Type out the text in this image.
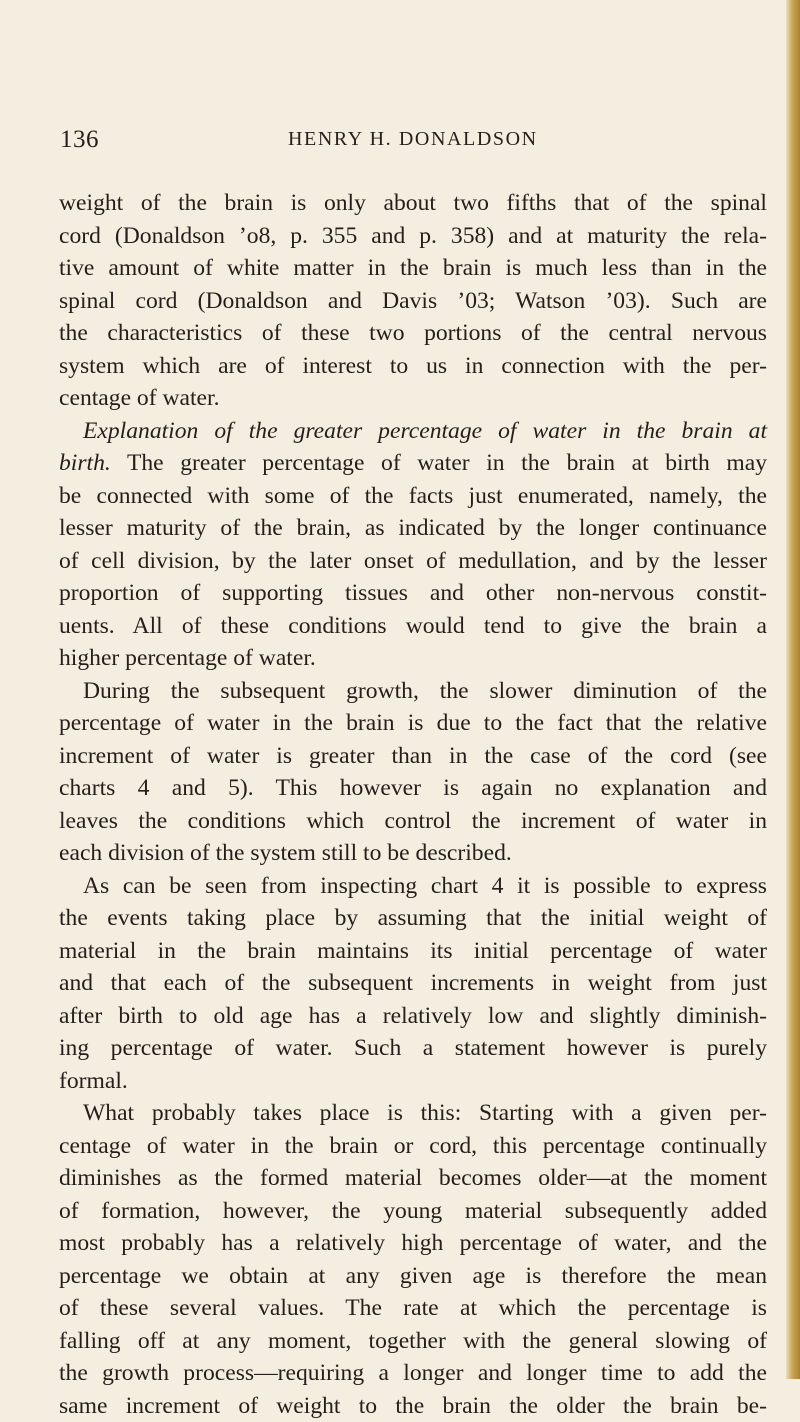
136	HENRY H. DONALDSON
weight of the brain is only about two fifths that of the spinal
cord (Donaldson ’o8, p. 355 and p. 358) and at maturity the rela-
tive amount of white matter in the brain is much less than in the
spinal cord (Donaldson and Davis ’03; Watson ’03). Such are
the characteristics of these two portions of the central nervous
system which are of interest to us in connection with the per-
centage of water.
Explanation of the greater percentage of water in the brain at
birth. The greater percentage of water in the brain at birth may
be connected with some of the facts just enumerated, namely, the
lesser maturity of the brain, as indicated by the longer continuance
of cell division, by the later onset of medullation, and by the lesser
proportion of supporting tissues and other non-nervous constit-
uents. All of these conditions would tend to give the brain a
higher percentage of water.
During the subsequent growth, the slower diminution of the
percentage of water in the brain is due to the fact that the relative
increment of water is greater than in the case of the cord (see
charts 4 and 5). This however is again no explanation and
leaves the conditions which control the increment of water in
each division of the system still to be described.
As can be seen from inspecting chart 4 it is possible to express
the events taking place by assuming that the initial weight of
material in the brain maintains its initial percentage of water
and that each of the subsequent increments in weight from just
after birth to old age has a relatively low and slightly diminish-
ing percentage of water. Such a statement however is purely
formal.
What probably takes place is this: Starting with a given per-
centage of water in the brain or cord, this percentage continually
diminishes as the formed material becomes older—at the moment
of formation, however, the young material subsequently added
most probably has a relatively high percentage of water, and the
percentage we obtain at any given age is therefore the mean
of these several values. The rate at which the percentage is
falling off at any moment, together with the general slowing of
the growth process—requiring a longer and longer time to add the
same increment of weight to the brain the older the brain be-
